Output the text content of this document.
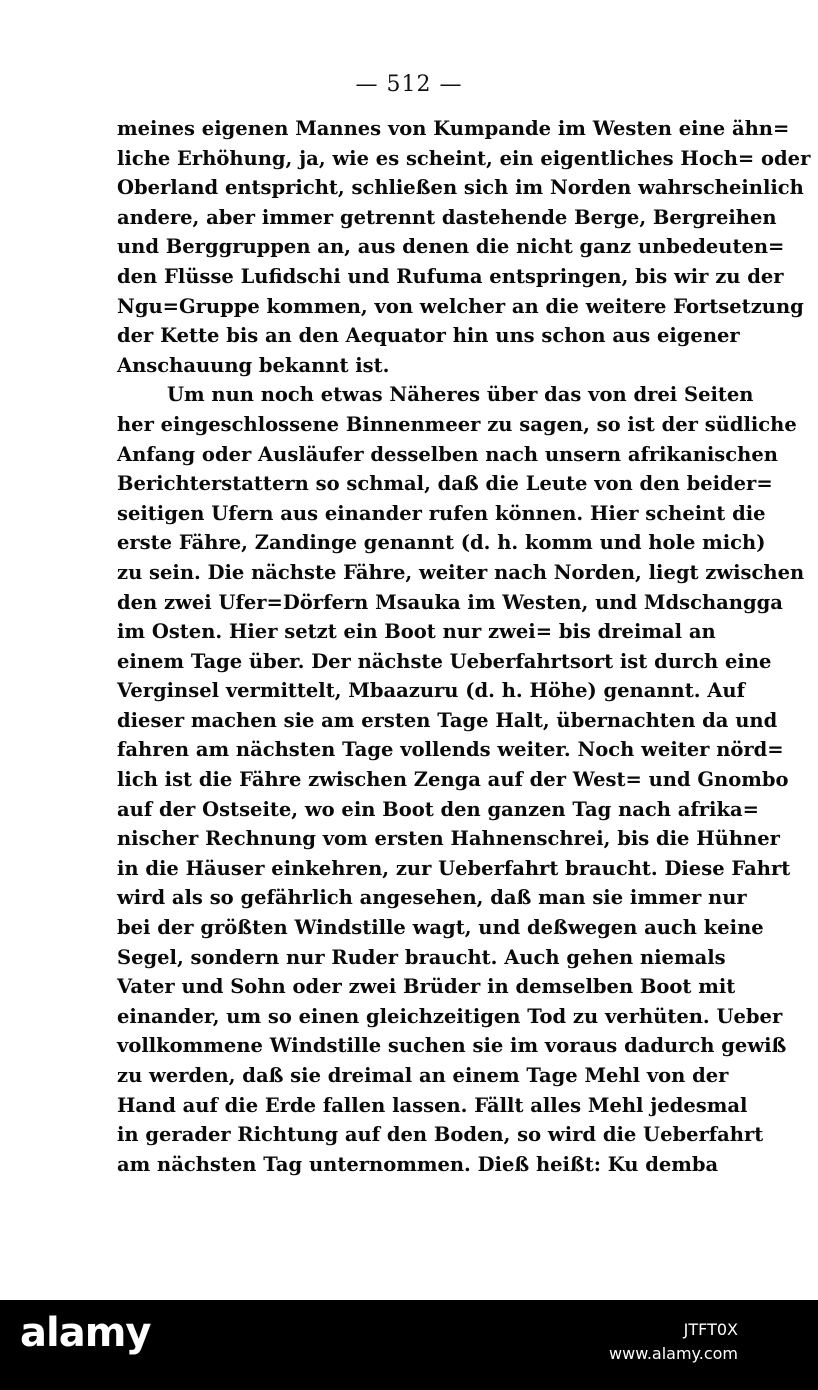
— 512 —
meines eigenen Mannes von Kumpande im Westen eine ähn=
liche Erhöhung, ja, wie es scheint, ein eigentliches Hoch= oder
Oberland entspricht, schließen sich im Norden wahrscheinlich
andere, aber immer getrennt dastehende Berge, Bergreihen
und Berggruppen an, aus denen die nicht ganz unbedeuten=
den Flüsse Lufidschi und Rufuma entspringen, bis wir zu der
Ngu=Gruppe kommen, von welcher an die weitere Fortsetzung
der Kette bis an den Aequator hin uns schon aus eigener
Anschauung bekannt ist.
Um nun noch etwas Näheres über das von drei Seiten
her eingeschlossene Binnenmeer zu sagen, so ist der südliche
Anfang oder Ausläufer desselben nach unsern afrikanischen
Berichterstattern so schmal, daß die Leute von den beider=
seitigen Ufern aus einander rufen können. Hier scheint die
erste Fähre, Zandinge genannt (d. h. komm und hole mich)
zu sein. Die nächste Fähre, weiter nach Norden, liegt zwischen
den zwei Ufer=Dörfern Msauka im Westen, und Mdschangga
im Osten. Hier setzt ein Boot nur zwei= bis dreimal an
einem Tage über. Der nächste Ueberfahrtsort ist durch eine
Verginsel vermittelt, Mbaazuru (d. h. Höhe) genannt. Auf
dieser machen sie am ersten Tage Halt, übernachten da und
fahren am nächsten Tage vollends weiter. Noch weiter nörd=
lich ist die Fähre zwischen Zenga auf der West= und Gnombo
auf der Ostseite, wo ein Boot den ganzen Tag nach afrika=
nischer Rechnung vom ersten Hahnenschrei, bis die Hühner
in die Häuser einkehren, zur Ueberfahrt braucht. Diese Fahrt
wird als so gefährlich angesehen, daß man sie immer nur
bei der größten Windstille wagt, und deßwegen auch keine
Segel, sondern nur Ruder braucht. Auch gehen niemals
Vater und Sohn oder zwei Brüder in demselben Boot mit
einander, um so einen gleichzeitigen Tod zu verhüten. Ueber
vollkommene Windstille suchen sie im voraus dadurch gewiß
zu werden, daß sie dreimal an einem Tage Mehl von der
Hand auf die Erde fallen lassen. Fällt alles Mehl jedesmal
in gerader Richtung auf den Boden, so wird die Ueberfahrt
am nächsten Tag unternommen. Dieß heißt: Ku demba
alamy	JTFT0X
www.alamy.com
